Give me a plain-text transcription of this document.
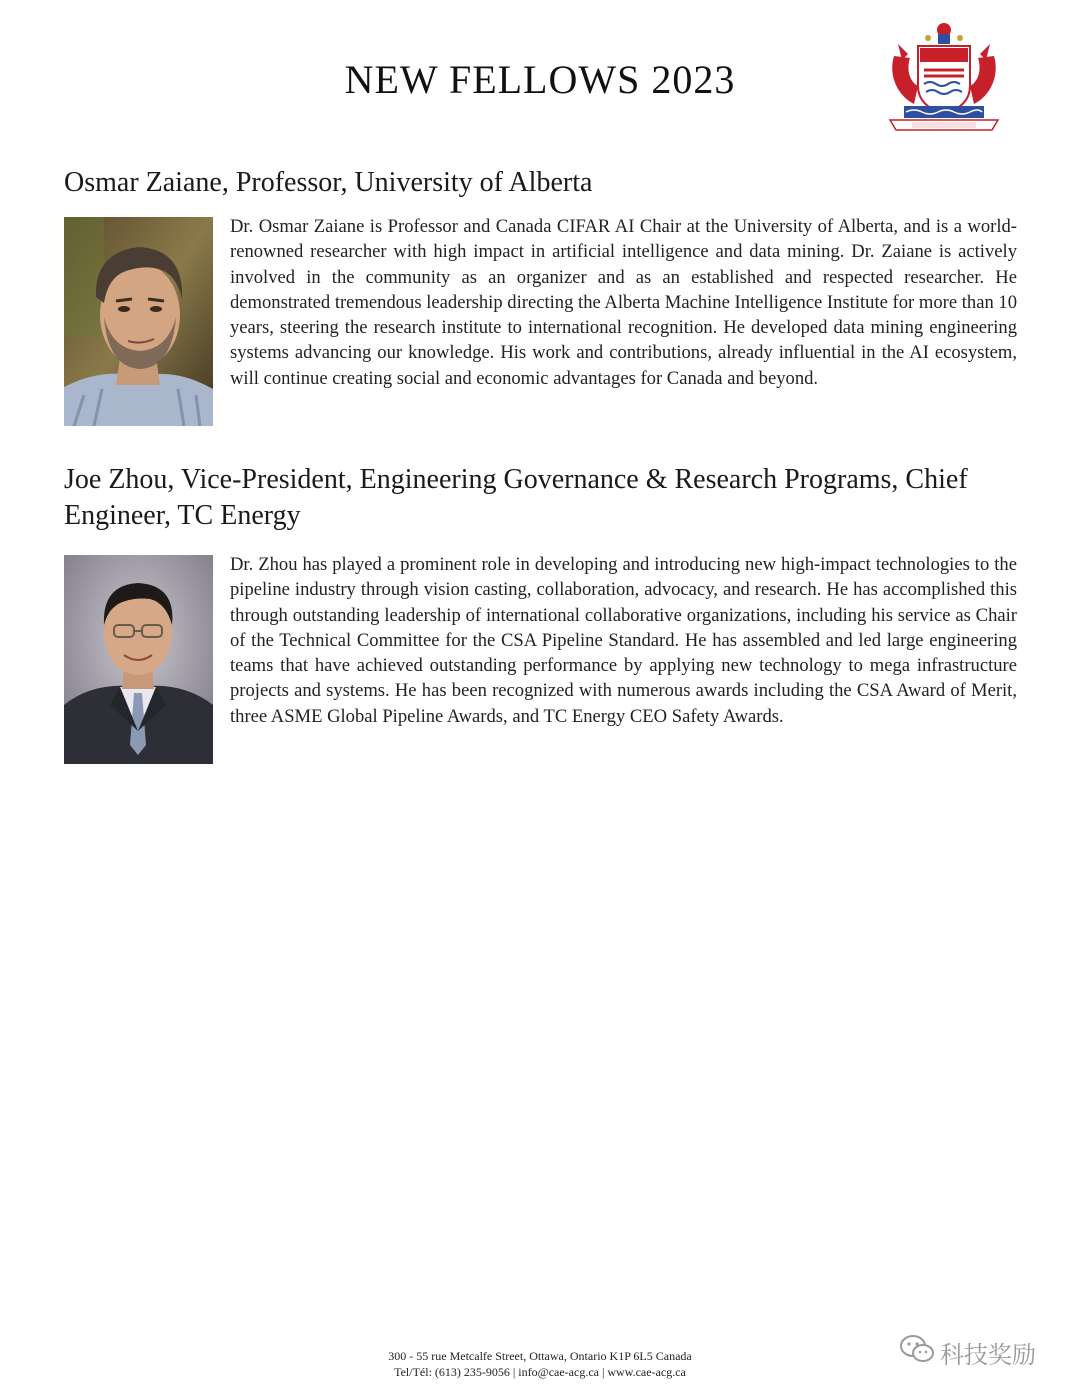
NEW FELLOWS 2023
Osmar Zaiane, Professor, University of Alberta

Dr. Osmar Zaiane is Professor and Canada CIFAR AI Chair at the University of Alberta, and is a world-renowned researcher with high impact in artificial intelligence and data mining. Dr. Zaiane is actively involved in the community as an organizer and as an established and respected researcher. He demonstrated tremendous leadership directing the Alberta Machine Intelligence Institute for more than 10 years, steering the research institute to international recognition. He developed data mining engineering systems advancing our knowledge. His work and contributions, already influential in the AI ecosystem, will continue creating social and economic advantages for Canada and beyond.

Joe Zhou, Vice-President, Engineering Governance & Research Programs, Chief Engineer, TC Energy

Dr. Zhou has played a prominent role in developing and introducing new high-impact technologies to the pipeline industry through vision casting, collaboration, advocacy, and research. He has accomplished this through outstanding leadership of international collaborative organizations, including his service as Chair of the Technical Committee for the CSA Pipeline Standard. He has assembled and led large engineering teams that have achieved outstanding performance by applying new technology to mega infrastructure projects and systems. He has been recognized with numerous awards including the CSA Award of Merit, three ASME Global Pipeline Awards, and TC Energy CEO Safety Awards.

300 - 55 rue Metcalfe Street, Ottawa, Ontario K1P 6L5 Canada
Tel/Tél: (613) 235-9056 | info@cae-acg.ca | www.cae-acg.ca
科技奖励
